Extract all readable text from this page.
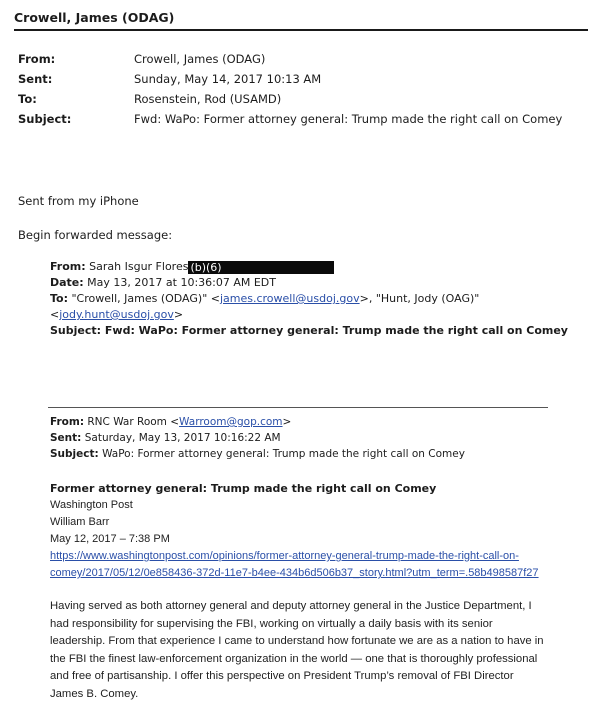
Crowell, James (ODAG)
From:	Crowell, James (ODAG)
Sent:	Sunday, May 14, 2017 10:13 AM
To:	Rosenstein, Rod (USAMD)
Subject:	Fwd: WaPo: Former attorney general: Trump made the right call on Comey
Sent from my iPhone
Begin forwarded message:
From: Sarah Isgur Flores (b)(6)
Date: May 13, 2017 at 10:36:07 AM EDT
To: "Crowell, James (ODAG)" <james.crowell@usdoj.gov>, "Hunt, Jody (OAG)"
<jody.hunt@usdoj.gov>
Subject: Fwd: WaPo: Former attorney general: Trump made the right call on Comey
From: RNC War Room <Warroom@gop.com>
Sent: Saturday, May 13, 2017 10:16:22 AM
Subject: WaPo: Former attorney general: Trump made the right call on Comey
Former attorney general: Trump made the right call on Comey
Washington Post
William Barr
May 12, 2017 – 7:38 PM
https://www.washingtonpost.com/opinions/former-attorney-general-trump-made-the-right-call-on-
comey/2017/05/12/0e858436-372d-11e7-b4ee-434b6d506b37_story.html?utm_term=.58b498587f27
Having served as both attorney general and deputy attorney general in the Justice Department, I
had responsibility for supervising the FBI, working on virtually a daily basis with its senior
leadership. From that experience I came to understand how fortunate we are as a nation to have in
the FBI the finest law-enforcement organization in the world — one that is thoroughly professional
and free of partisanship. I offer this perspective on President Trump’s removal of FBI Director
James B. Comey.
